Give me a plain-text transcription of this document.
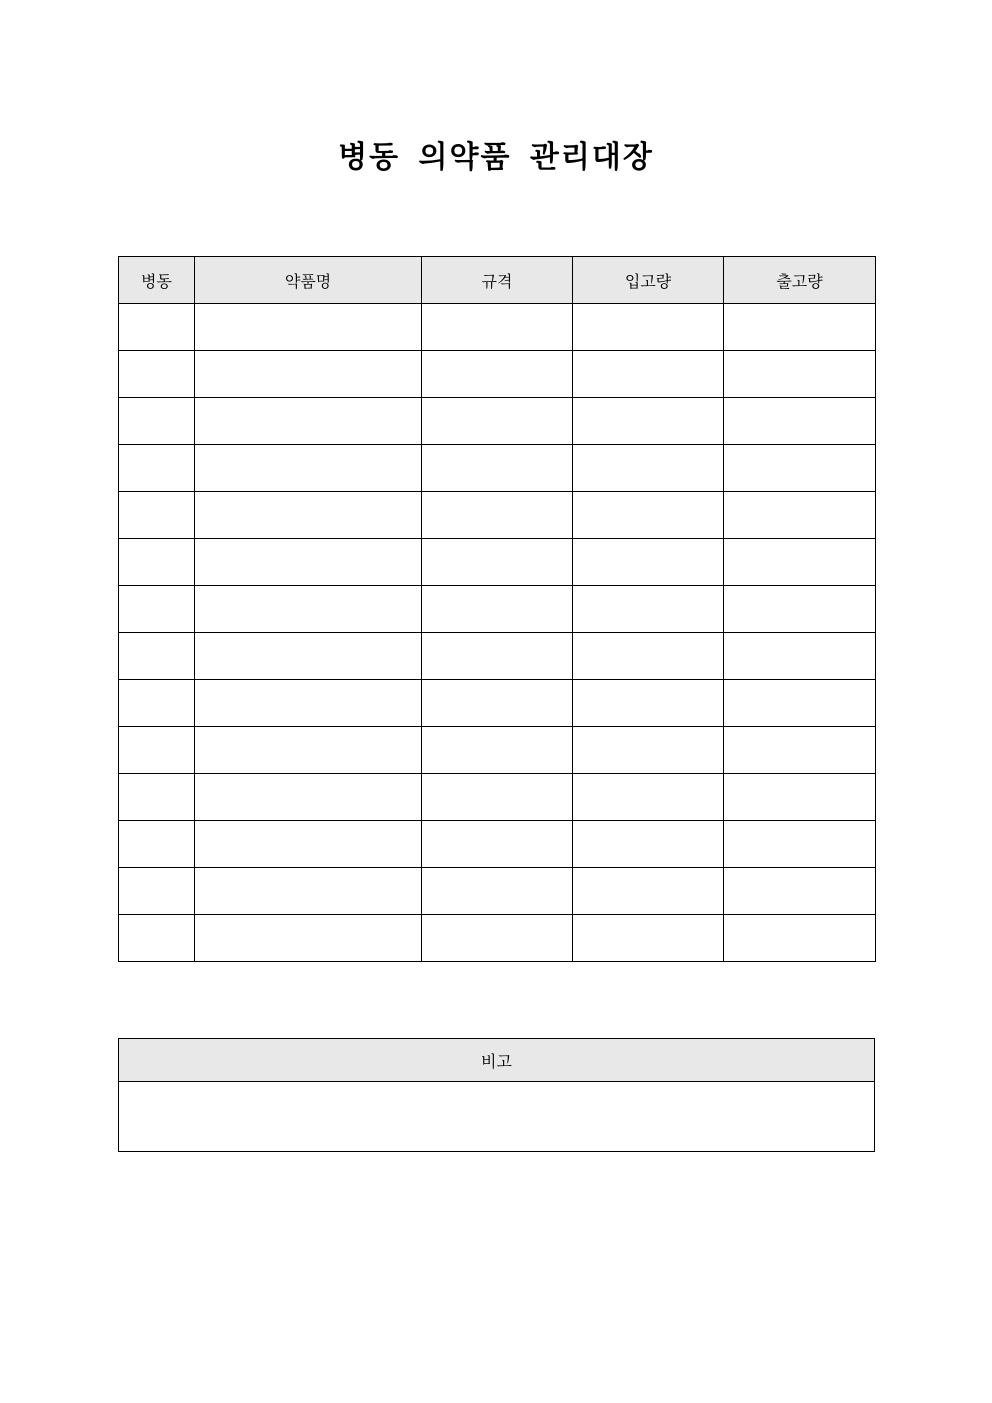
병동 의약품 관리대장
병동	약품명	규격	입고량	출고량

비고
